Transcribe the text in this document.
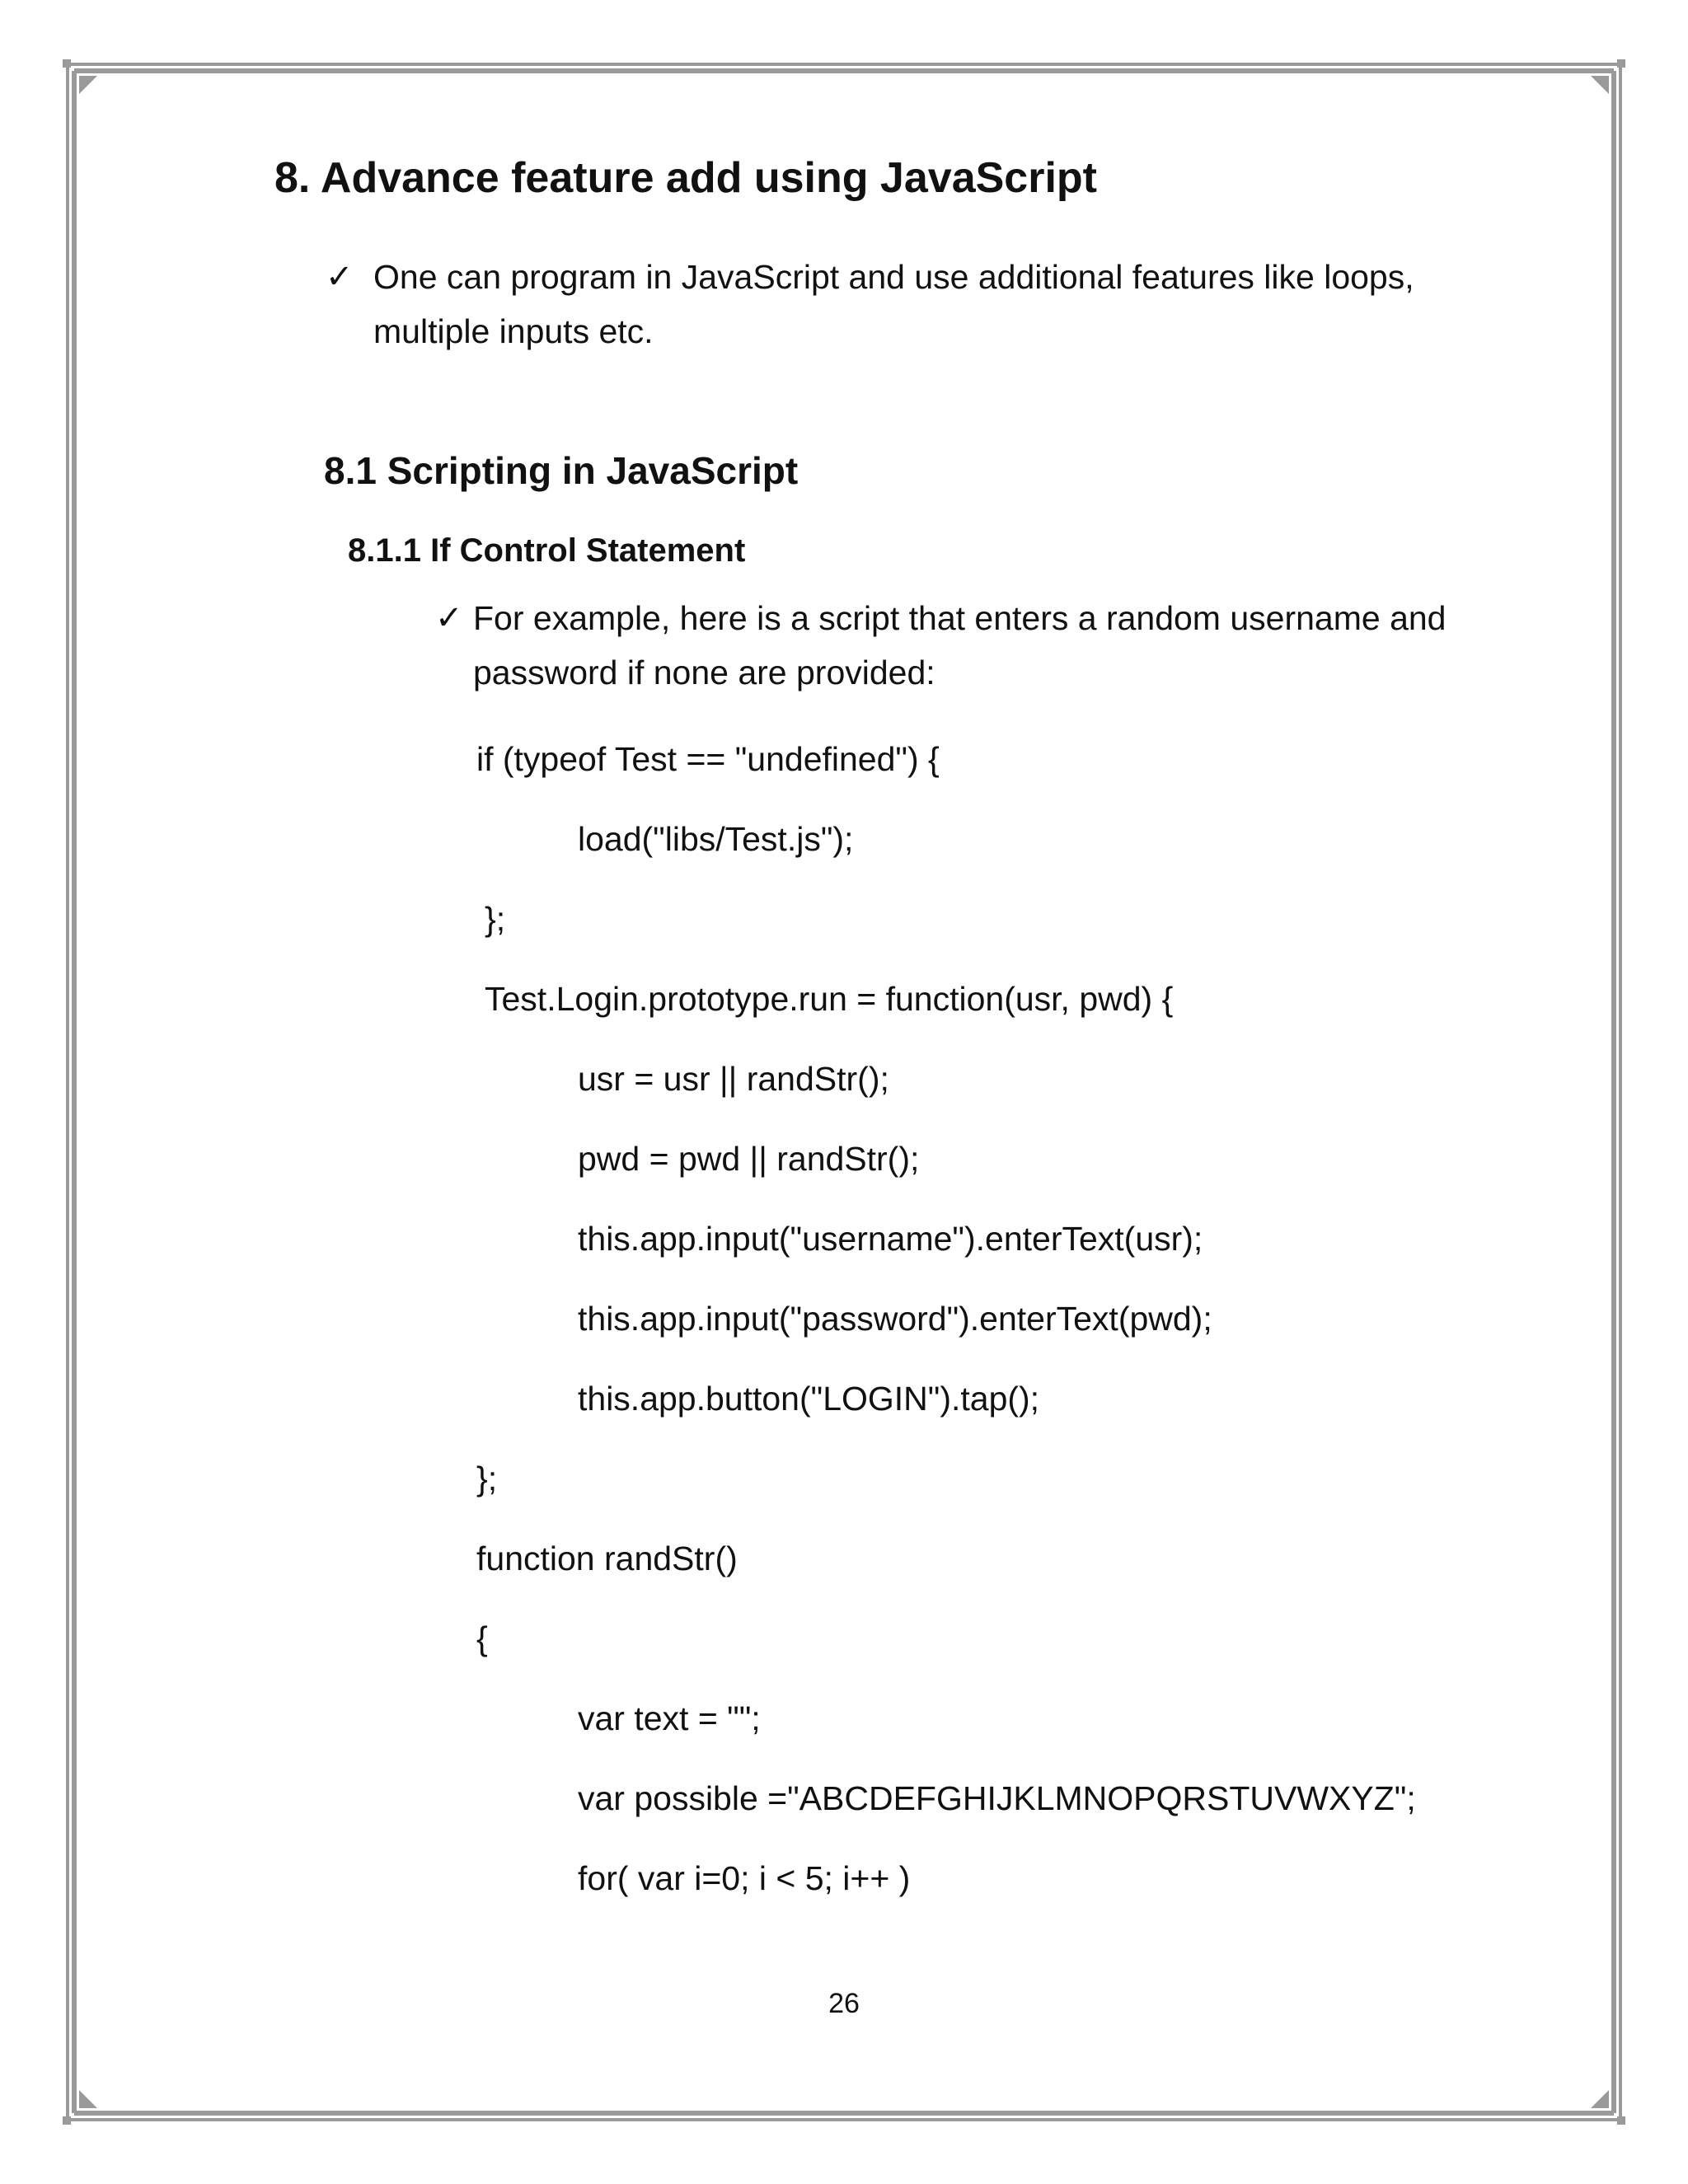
8. Advance feature add using JavaScript
✓ One can program in JavaScript and use additional features like loops, multiple inputs etc.
8.1 Scripting in JavaScript
8.1.1 If Control Statement
✓ For example, here is a script that enters a random username and password if none are provided:
if (typeof Test == "undefined") {
load("libs/Test.js");
};
Test.Login.prototype.run = function(usr, pwd) {
usr = usr || randStr();
pwd = pwd || randStr();
this.app.input("username").enterText(usr);
this.app.input("password").enterText(pwd);
this.app.button("LOGIN").tap();
};
function randStr()
{
var text = "";
var possible ="ABCDEFGHIJKLMNOPQRSTUVWXYZ";
for( var i=0; i < 5; i++ )
26
